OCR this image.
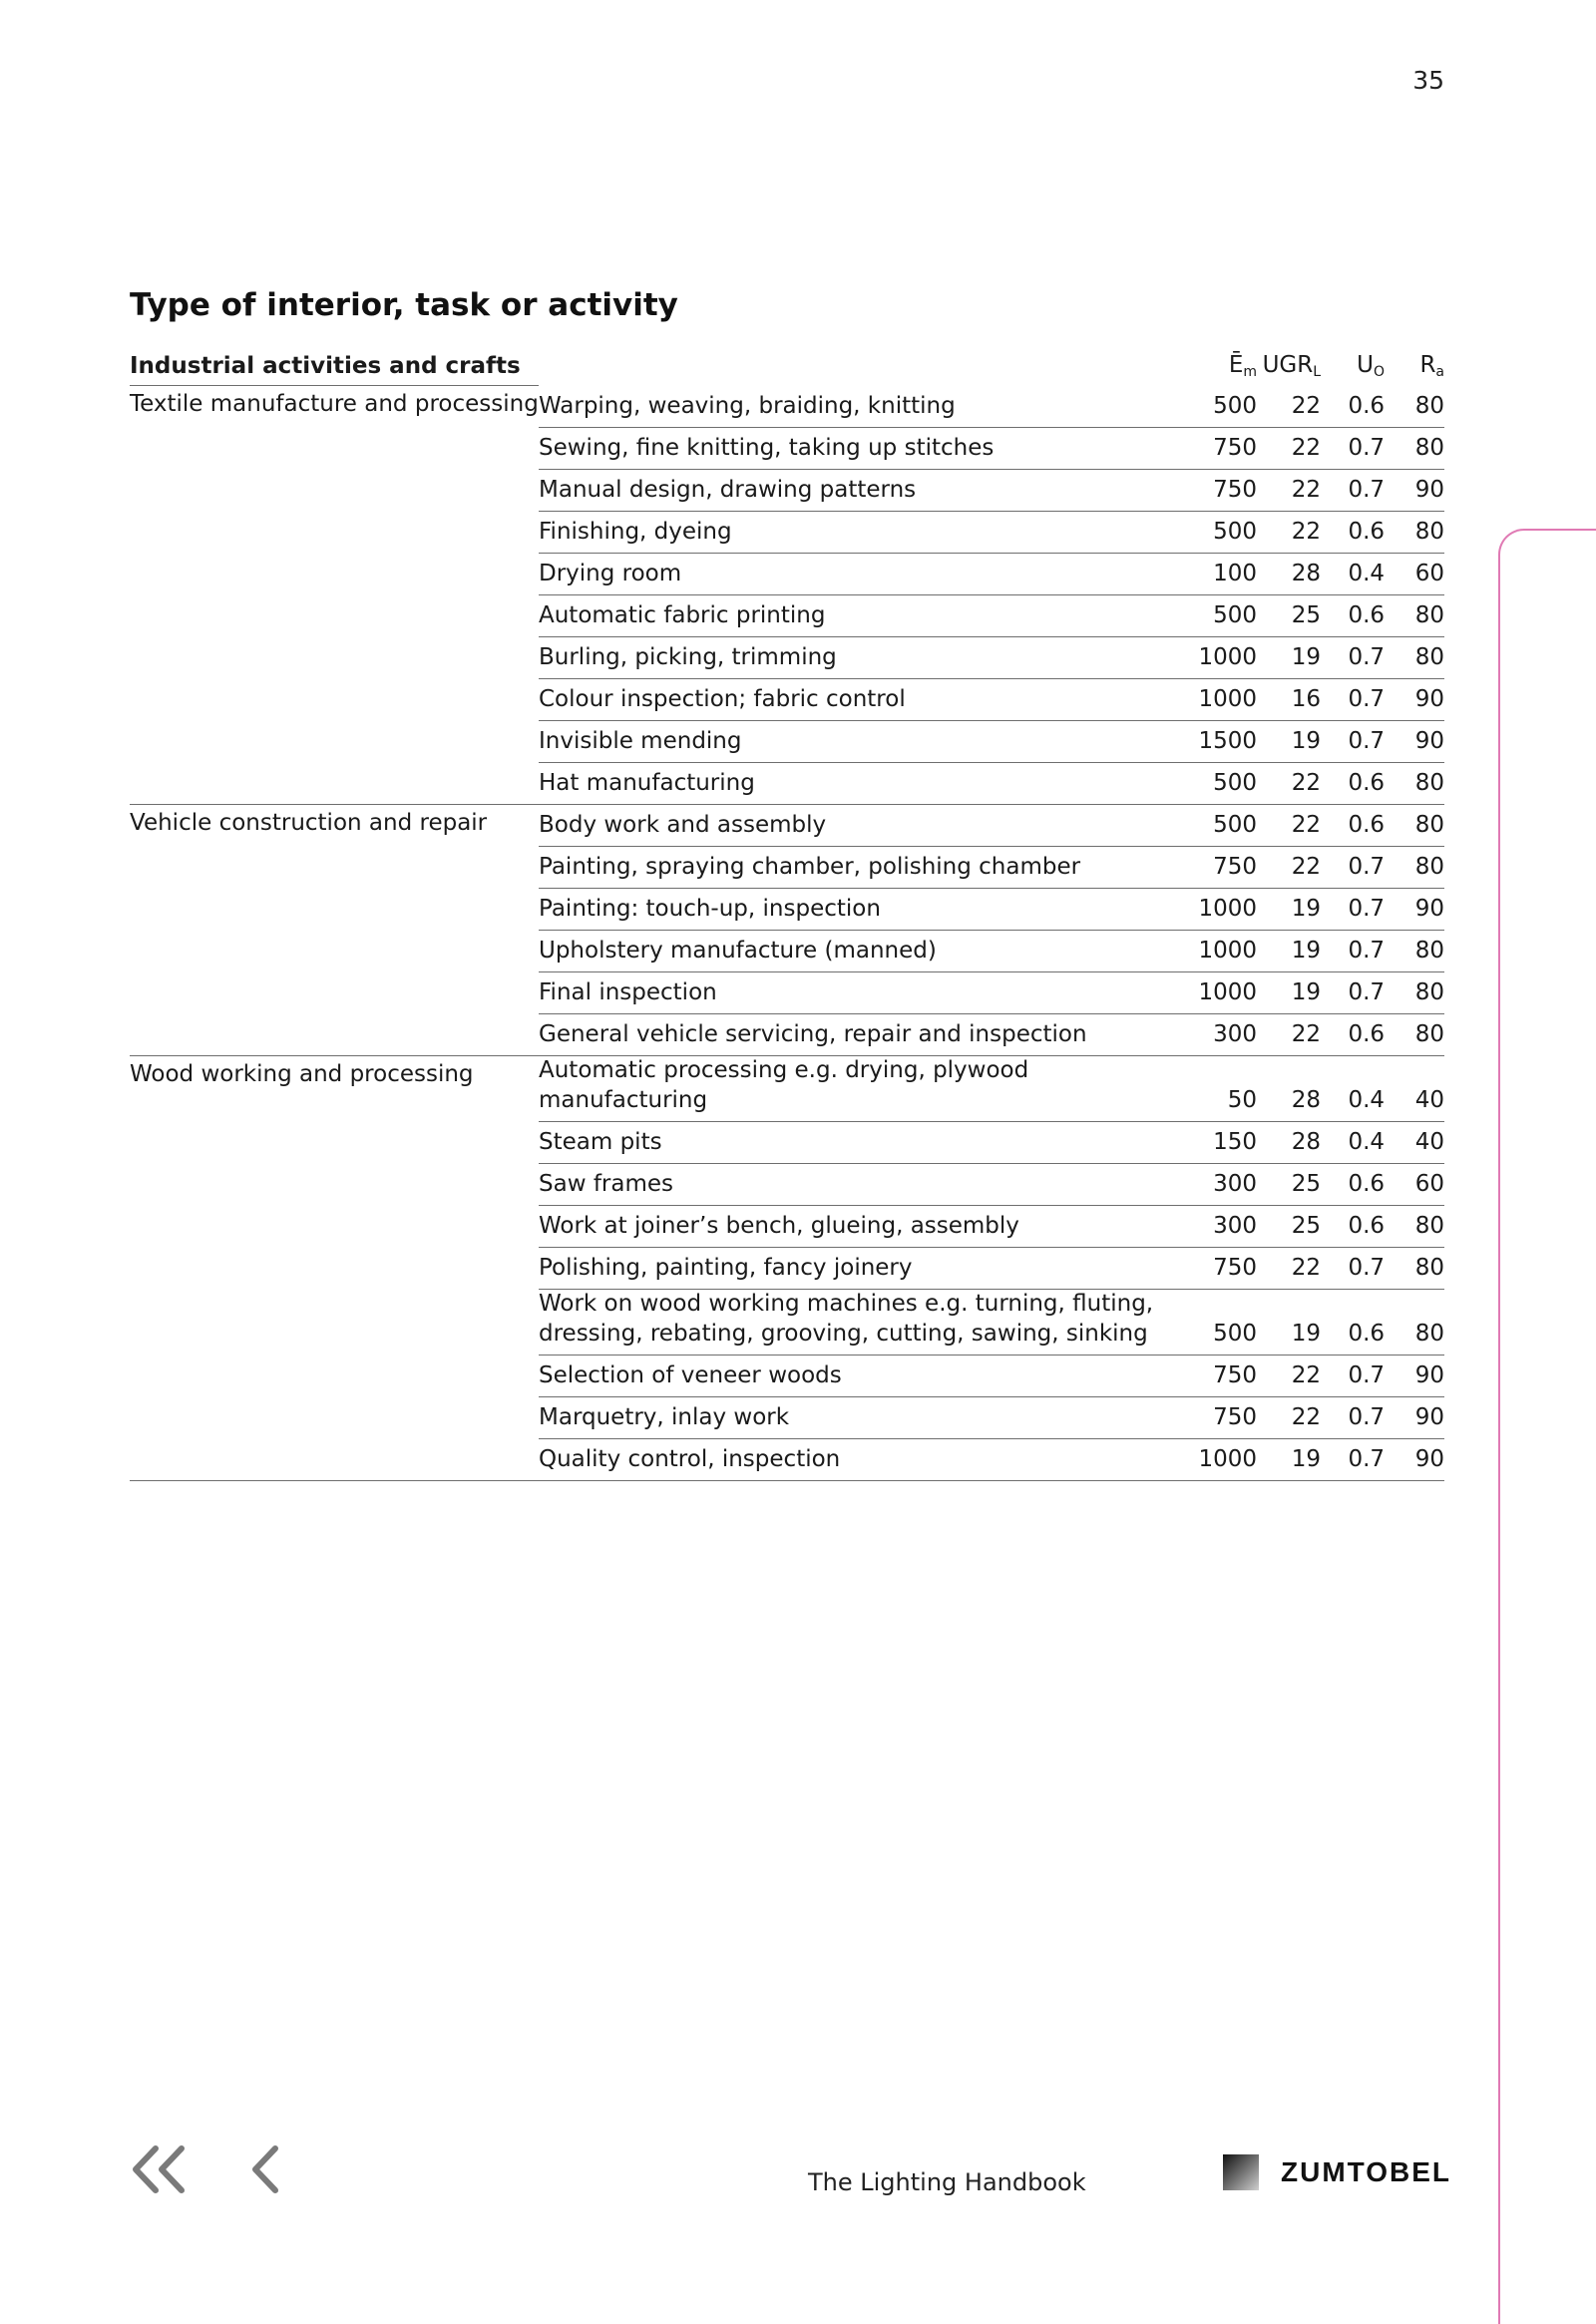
35
Type of interior, task or activity
Industrial activities and crafts		$Ē_m$	$UGR_L$	$U_O$	$R_a$
Textile manufacture and processing	Warping, weaving, braiding, knitting	500	22	0.6	80
	Sewing, fine knitting, taking up stitches	750	22	0.7	80
	Manual design, drawing patterns	750	22	0.7	90
	Finishing, dyeing	500	22	0.6	80
	Drying room	100	28	0.4	60
	Automatic fabric printing	500	25	0.6	80
	Burling, picking, trimming	1000	19	0.7	80
	Colour inspection; fabric control	1000	16	0.7	90
	Invisible mending	1500	19	0.7	90
	Hat manufacturing	500	22	0.6	80
Vehicle construction and repair	Body work and assembly	500	22	0.6	80
	Painting, spraying chamber, polishing chamber	750	22	0.7	80
	Painting: touch-up, inspection	1000	19	0.7	90
	Upholstery manufacture (manned)	1000	19	0.7	80
	Final inspection	1000	19	0.7	80
	General vehicle servicing, repair and inspection	300	22	0.6	80
Wood working and processing	Automatic processing e.g. drying, plywood manufacturing	50	28	0.4	40
	Steam pits	150	28	0.4	40
	Saw frames	300	25	0.6	60
	Work at joiner’s bench, glueing, assembly	300	25	0.6	80
	Polishing, painting, fancy joinery	750	22	0.7	80
	Work on wood working machines e.g. turning, fluting,
dressing, rebating, grooving, cutting, sawing, sinking	500	19	0.6	80
	Selection of veneer woods	750	22	0.7	90
	Marquetry, inlay work	750	22	0.7	90
	Quality control, inspection	1000	19	0.7	90
The Lighting Handbook	ZUMTOBEL
